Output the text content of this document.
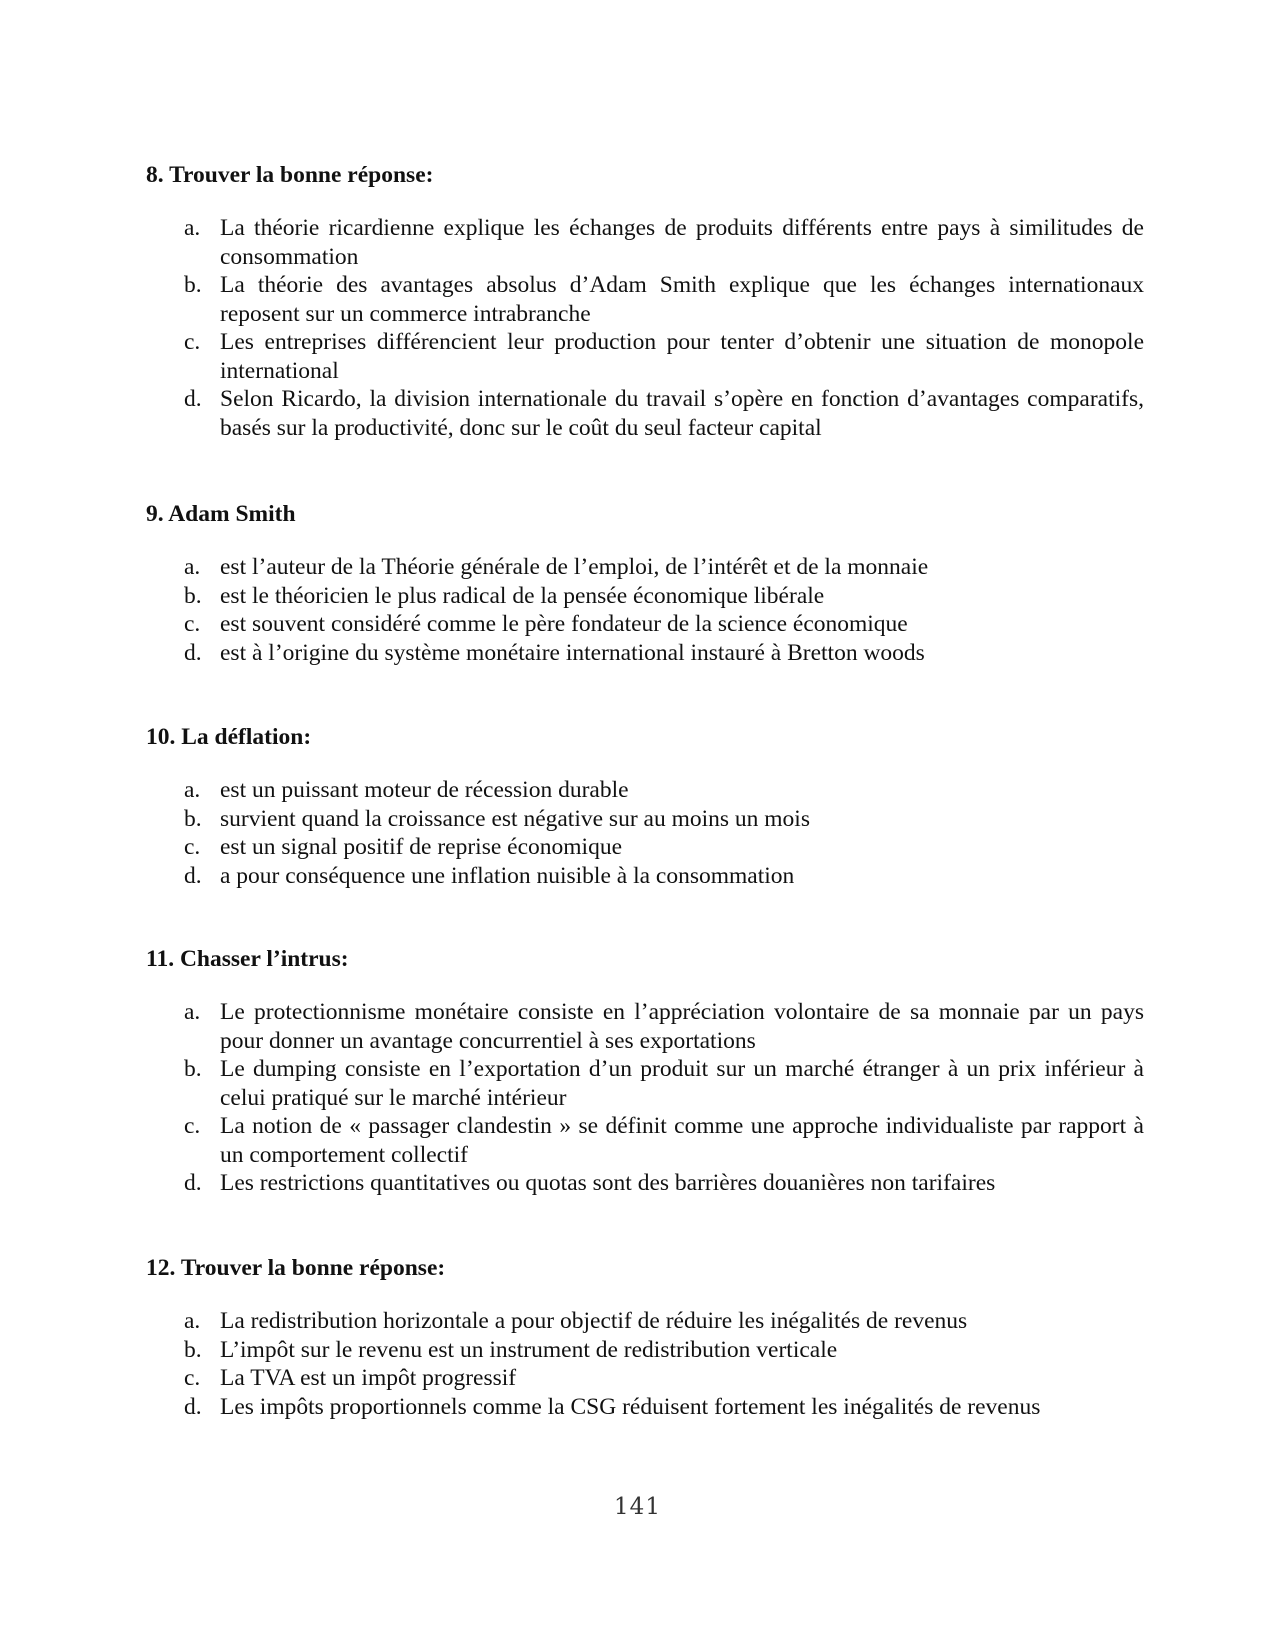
8. Trouver la bonne réponse:

a. La théorie ricardienne explique les échanges de produits différents entre pays à similitudes de consommation
b. La théorie des avantages absolus d’Adam Smith explique que les échanges internationaux reposent sur un commerce intrabranche
c. Les entreprises différencient leur production pour tenter d’obtenir une situation de monopole international
d. Selon Ricardo, la division internationale du travail s’opère en fonction d’avantages comparatifs, basés sur la productivité, donc sur le coût du seul facteur capital

9. Adam Smith

a. est l’auteur de la Théorie générale de l’emploi, de l’intérêt et de la monnaie
b. est le théoricien le plus radical de la pensée économique libérale
c. est souvent considéré comme le père fondateur de la science économique
d. est à l’origine du système monétaire international instauré à Bretton woods

10. La déflation:

a. est un puissant moteur de récession durable
b. survient quand la croissance est négative sur au moins un mois
c. est un signal positif de reprise économique
d. a pour conséquence une inflation nuisible à la consommation

11. Chasser l’intrus:

a. Le protectionnisme monétaire consiste en l’appréciation volontaire de sa monnaie par un pays pour donner un avantage concurrentiel à ses exportations
b. Le dumping consiste en l’exportation d’un produit sur un marché étranger à un prix inférieur à celui pratiqué sur le marché intérieur
c. La notion de « passager clandestin » se définit comme une approche individualiste par rapport à un comportement collectif
d. Les restrictions quantitatives ou quotas sont des barrières douanières non tarifaires

12. Trouver la bonne réponse:

a. La redistribution horizontale a pour objectif de réduire les inégalités de revenus
b. L’impôt sur le revenu est un instrument de redistribution verticale
c. La TVA est un impôt progressif
d. Les impôts proportionnels comme la CSG réduisent fortement les inégalités de revenus
141
